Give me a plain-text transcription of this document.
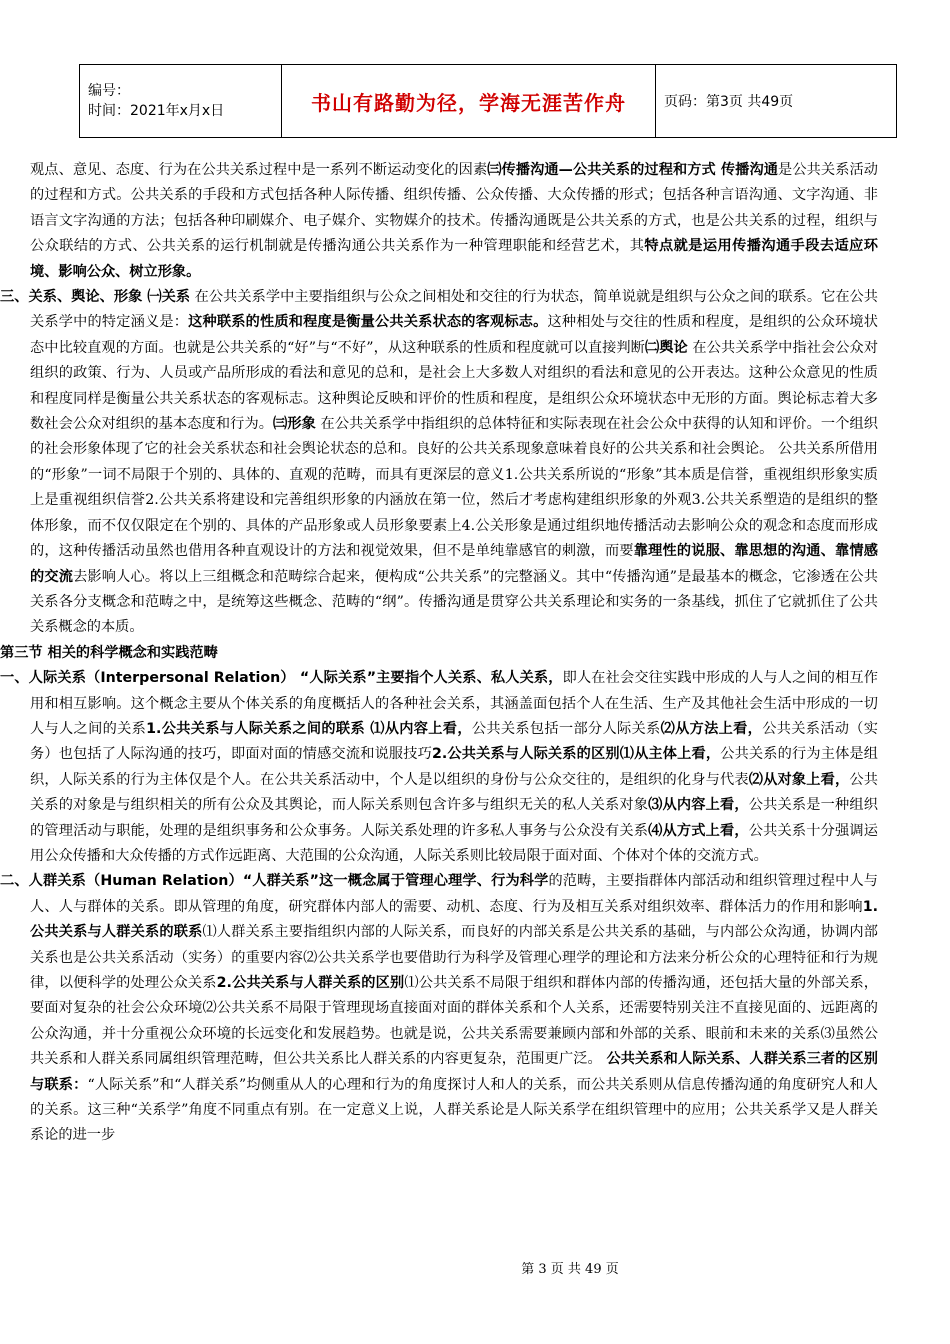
编号：
时间：2021年x月x日	书山有路勤为径，学海无涯苦作舟	页码：第3页 共49页

观点、意见、态度、行为在公共关系过程中是一系列不断运动变化的因素㈢传播沟通—公共关系的过程和方式 传播沟通是公共关系活动的过程和方式。公共关系的手段和方式包括各种人际传播、组织传播、公众传播、大众传播的形式；包括各种言语沟通、文字沟通、非语言文字沟通的方法；包括各种印刷媒介、电子媒介、实物媒介的技术。传播沟通既是公共关系的方式，也是公共关系的过程，组织与公众联结的方式、公共关系的运行机制就是传播沟通公共关系作为一种管理职能和经营艺术，其特点就是运用传播沟通手段去适应环境、影响公众、树立形象。

三、关系、舆论、形象 ㈠关系 在公共关系学中主要指组织与公众之间相处和交往的行为状态，简单说就是组织与公众之间的联系。它在公共关系学中的特定涵义是：这种联系的性质和程度是衡量公共关系状态的客观标志。这种相处与交往的性质和程度，是组织的公众环境状态中比较直观的方面。也就是公共关系的“好”与“不好”，从这种联系的性质和程度就可以直接判断㈡舆论 在公共关系学中指社会公众对组织的政策、行为、人员或产品所形成的看法和意见的总和，是社会上大多数人对组织的看法和意见的公开表达。这种公众意见的性质和程度同样是衡量公共关系状态的客观标志。这种舆论反映和评价的性质和程度，是组织公众环境状态中无形的方面。舆论标志着大多数社会公众对组织的基本态度和行为。㈢形象 在公共关系学中指组织的总体特征和实际表现在社会公众中获得的认知和评价。一个组织的社会形象体现了它的社会关系状态和社会舆论状态的总和。良好的公共关系现象意味着良好的公共关系和社会舆论。 公共关系所借用的“形象”一词不局限于个别的、具体的、直观的范畴，而具有更深层的意义1.公共关系所说的“形象”其本质是信誉，重视组织形象实质上是重视组织信誉2.公共关系将建设和完善组织形象的内涵放在第一位，然后才考虑构建组织形象的外观3.公共关系塑造的是组织的整体形象，而不仅仅限定在个别的、具体的产品形象或人员形象要素上4.公关形象是通过组织地传播活动去影响公众的观念和态度而形成的，这种传播活动虽然也借用各种直观设计的方法和视觉效果，但不是单纯靠感官的刺激，而要靠理性的说服、靠思想的沟通、靠情感的交流去影响人心。将以上三组概念和范畴综合起来，便构成“公共关系”的完整涵义。其中“传播沟通”是最基本的概念，它渗透在公共关系各分支概念和范畴之中，是统筹这些概念、范畴的“纲”。传播沟通是贯穿公共关系理论和实务的一条基线，抓住了它就抓住了公共关系概念的本质。

第三节 相关的科学概念和实践范畴

一、人际关系（Interpersonal Relation） “人际关系”主要指个人关系、私人关系，即人在社会交往实践中形成的人与人之间的相互作用和相互影响。这个概念主要从个体关系的角度概括人的各种社会关系，其涵盖面包括个人在生活、生产及其他社会生活中形成的一切人与人之间的关系1.公共关系与人际关系之间的联系 ⑴从内容上看，公共关系包括一部分人际关系⑵从方法上看，公共关系活动（实务）也包括了人际沟通的技巧，即面对面的情感交流和说服技巧2.公共关系与人际关系的区别⑴从主体上看，公共关系的行为主体是组织，人际关系的行为主体仅是个人。在公共关系活动中，个人是以组织的身份与公众交往的，是组织的化身与代表⑵从对象上看，公共关系的对象是与组织相关的所有公众及其舆论，而人际关系则包含许多与组织无关的私人关系对象⑶从内容上看，公共关系是一种组织的管理活动与职能，处理的是组织事务和公众事务。人际关系处理的许多私人事务与公众没有关系⑷从方式上看，公共关系十分强调运用公众传播和大众传播的方式作远距离、大范围的公众沟通，人际关系则比较局限于面对面、个体对个体的交流方式。

二、人群关系（Human Relation）“人群关系”这一概念属于管理心理学、行为科学的范畴，主要指群体内部活动和组织管理过程中人与人、人与群体的关系。即从管理的角度，研究群体内部人的需要、动机、态度、行为及相互关系对组织效率、群体活力的作用和影响1.公共关系与人群关系的联系⑴人群关系主要指组织内部的人际关系，而良好的内部关系是公共关系的基础，与内部公众沟通，协调内部关系也是公共关系活动（实务）的重要内容⑵公共关系学也要借助行为科学及管理心理学的理论和方法来分析公众的心理特征和行为规律，以便科学的处理公众关系2.公共关系与人群关系的区别⑴公共关系不局限于组织和群体内部的传播沟通，还包括大量的外部关系，要面对复杂的社会公众环境⑵公共关系不局限于管理现场直接面对面的群体关系和个人关系，还需要特别关注不直接见面的、远距离的公众沟通，并十分重视公众环境的长远变化和发展趋势。也就是说，公共关系需要兼顾内部和外部的关系、眼前和未来的关系⑶虽然公共关系和人群关系同属组织管理范畴，但公共关系比人群关系的内容更复杂，范围更广泛。 公共关系和人际关系、人群关系三者的区别与联系：“人际关系”和“人群关系”均侧重从人的心理和行为的角度探讨人和人的关系，而公共关系则从信息传播沟通的角度研究人和人的关系。这三种“关系学”角度不同重点有别。在一定意义上说，人群关系论是人际关系学在组织管理中的应用；公共关系学又是人群关系论的进一步

第 3 页 共 49 页
